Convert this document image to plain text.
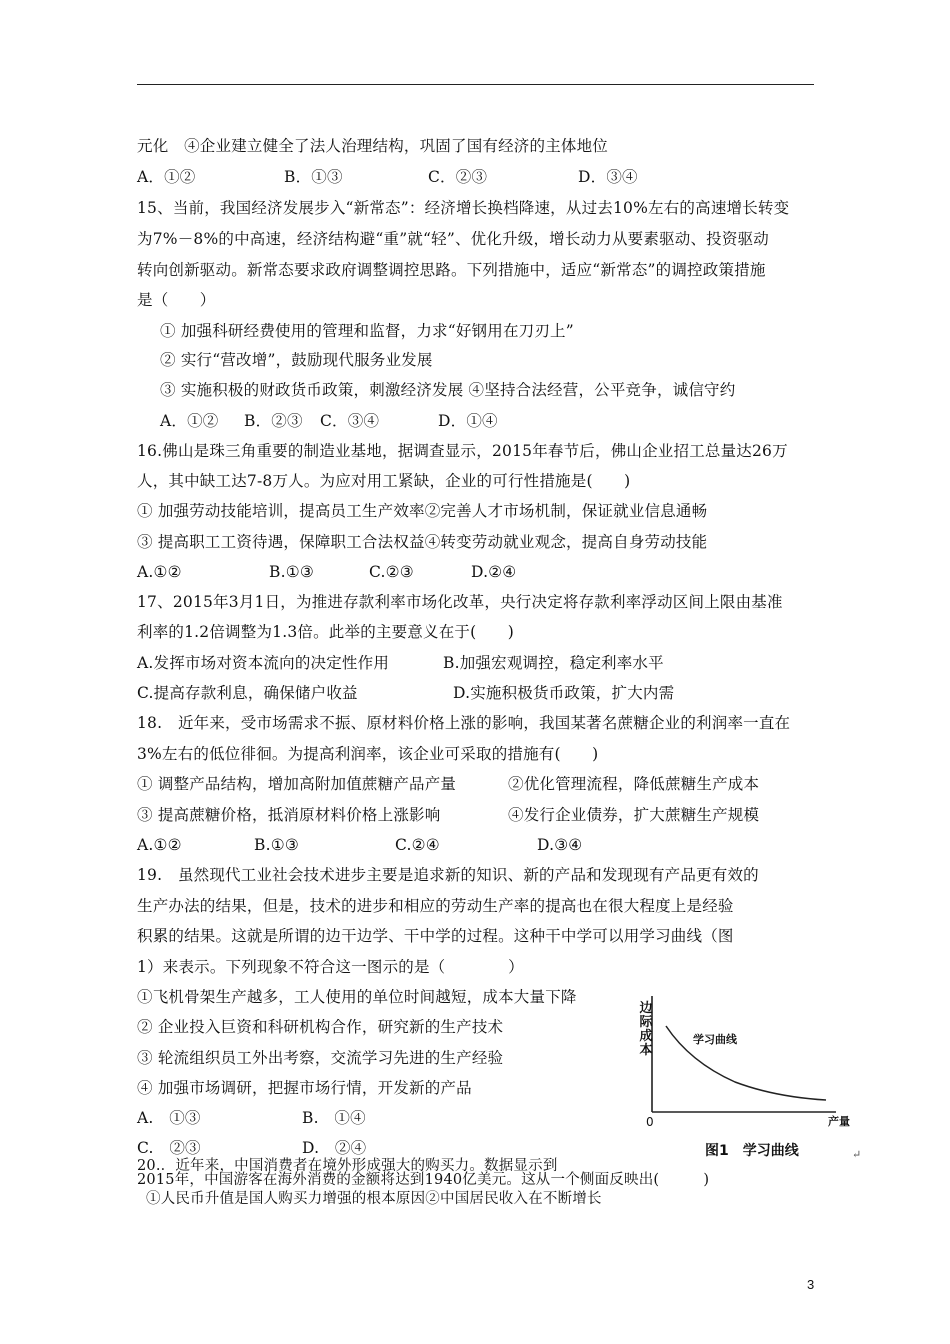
元化　④企业建立健全了法人治理结构，巩固了国有经济的主体地位
A．①②	B．①③	C．②③	D．③④
15、当前，我国经济发展步入“新常态”：经济增长换档降速，从过去10%左右的高速增长转变
为7%－8%的中高速，经济结构避“重”就“轻”、优化升级，增长动力从要素驱动、投资驱动
转向创新驱动。新常态要求政府调整调控思路。下列措施中，适应“新常态”的调控政策措施
是（　　）
① 加强科研经费使用的管理和监督，力求“好钢用在刀刃上”
② 实行“营改增”，鼓励现代服务业发展
③ 实施积极的财政货币政策，刺激经济发展 ④坚持合法经营，公平竞争，诚信守约
A．①② B．②③ C．③④	D．①④
16.佛山是珠三角重要的制造业基地，据调查显示，2015年春节后，佛山企业招工总量达26万
人，其中缺工达7-8万人。为应对用工紧缺，企业的可行性措施是(　　)
① 加强劳动技能培训，提高员工生产效率②完善人才市场机制，保证就业信息通畅
③ 提高职工工资待遇，保障职工合法权益④转变劳动就业观念，提高自身劳动技能
A.①②	B.①③	C.②③	D.②④
17、2015年3月1日，为推进存款利率市场化改革，央行决定将存款利率浮动区间上限由基准
利率的1.2倍调整为1.3倍。此举的主要意义在于(　　)
A.发挥市场对资本流向的决定性作用	B.加强宏观调控，稳定利率水平
C.提高存款利息，确保储户收益	D.实施积极货币政策，扩大内需
18.　近年来，受市场需求不振、原材料价格上涨的影响，我国某著名蔗糖企业的利润率一直在
3%左右的低位徘徊。为提高利润率，该企业可采取的措施有(　　)
① 调整产品结构，增加高附加值蔗糖产品产量	②优化管理流程，降低蔗糖生产成本
③ 提高蔗糖价格，抵消原材料价格上涨影响	④发行企业债券，扩大蔗糖生产规模
A.①②	B.①③	C.②④	D.③④
19.　虽然现代工业社会技术进步主要是追求新的知识、新的产品和发现现有产品更有效的
生产办法的结果，但是，技术的进步和相应的劳动生产率的提高也在很大程度上是经验
积累的结果。这就是所谓的边干边学、干中学的过程。这种干中学可以用学习曲线（图
1）来表示。下列现象不符合这一图示的是（　　　　）
①飞机骨架生产越多，工人使用的单位时间越短，成本大量下降
② 企业投入巨资和科研机构合作，研究新的生产技术
③ 轮流组织员工外出考察，交流学习先进的生产经验
④ 加强市场调研，把握市场行情，开发新的产品
A.　①③	B.　①④
C.　②③	D.　②④
20.．近年来，中国消费者在境外形成强大的购买力。数据显示到
2015年，中国游客在海外消费的金额将达到1940亿美元。这从一个侧面反映出(　　　)
①人民币升值是国人购买力增强的根本原因②中国居民收入在不断增长
边际成本
产量
0
学习曲线
图1　学习曲线	↵
3
